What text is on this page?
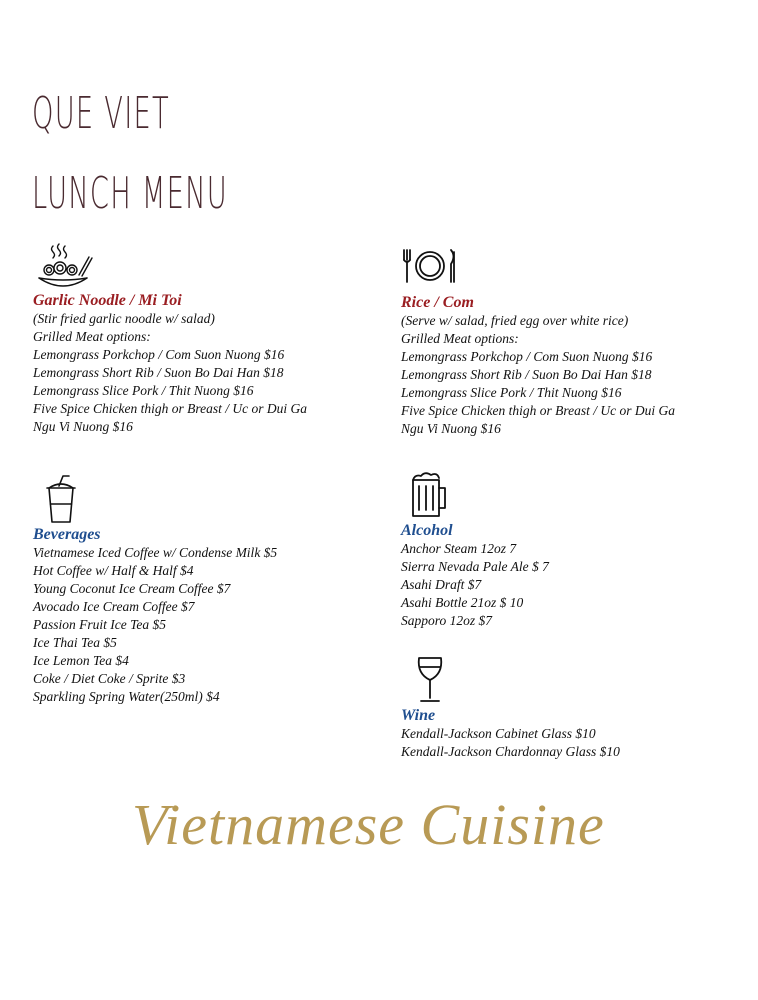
QUE VIET
LUNCH MENU

Garlic Noodle / Mi Toi

(Stir fried garlic noodle w/ salad)
Grilled Meat options:
Lemongrass Porkchop / Com Suon Nuong $16
Lemongrass Short Rib / Suon Bo Dai Han $18
Lemongrass Slice Pork / Thit Nuong $16
Five Spice Chicken thigh or Breast / Uc or Dui Ga
Ngu Vi Nuong $16

Rice / Com

(Serve w/ salad, fried egg over white rice)
Grilled Meat options:
Lemongrass Porkchop / Com Suon Nuong $16
Lemongrass Short Rib / Suon Bo Dai Han $18
Lemongrass Slice Pork / Thit Nuong $16
Five Spice Chicken thigh or Breast / Uc or Dui Ga
Ngu Vi Nuong $16

Beverages

Vietnamese Iced Coffee w/ Condense Milk $5
Hot Coffee w/ Half & Half $4
Young Coconut Ice Cream Coffee $7
Avocado Ice Cream Coffee $7
Passion Fruit Ice Tea $5
Ice Thai Tea $5
Ice Lemon Tea $4
Coke / Diet Coke / Sprite $3
Sparkling Spring Water(250ml) $4

Alcohol

Anchor Steam 12oz 7
Sierra Nevada Pale Ale $ 7
Asahi Draft $7
Asahi Bottle 21oz $ 10
Sapporo 12oz $7

Wine

Kendall-Jackson Cabinet Glass $10
Kendall-Jackson Chardonnay Glass $10
Vietnamese Cuisine
